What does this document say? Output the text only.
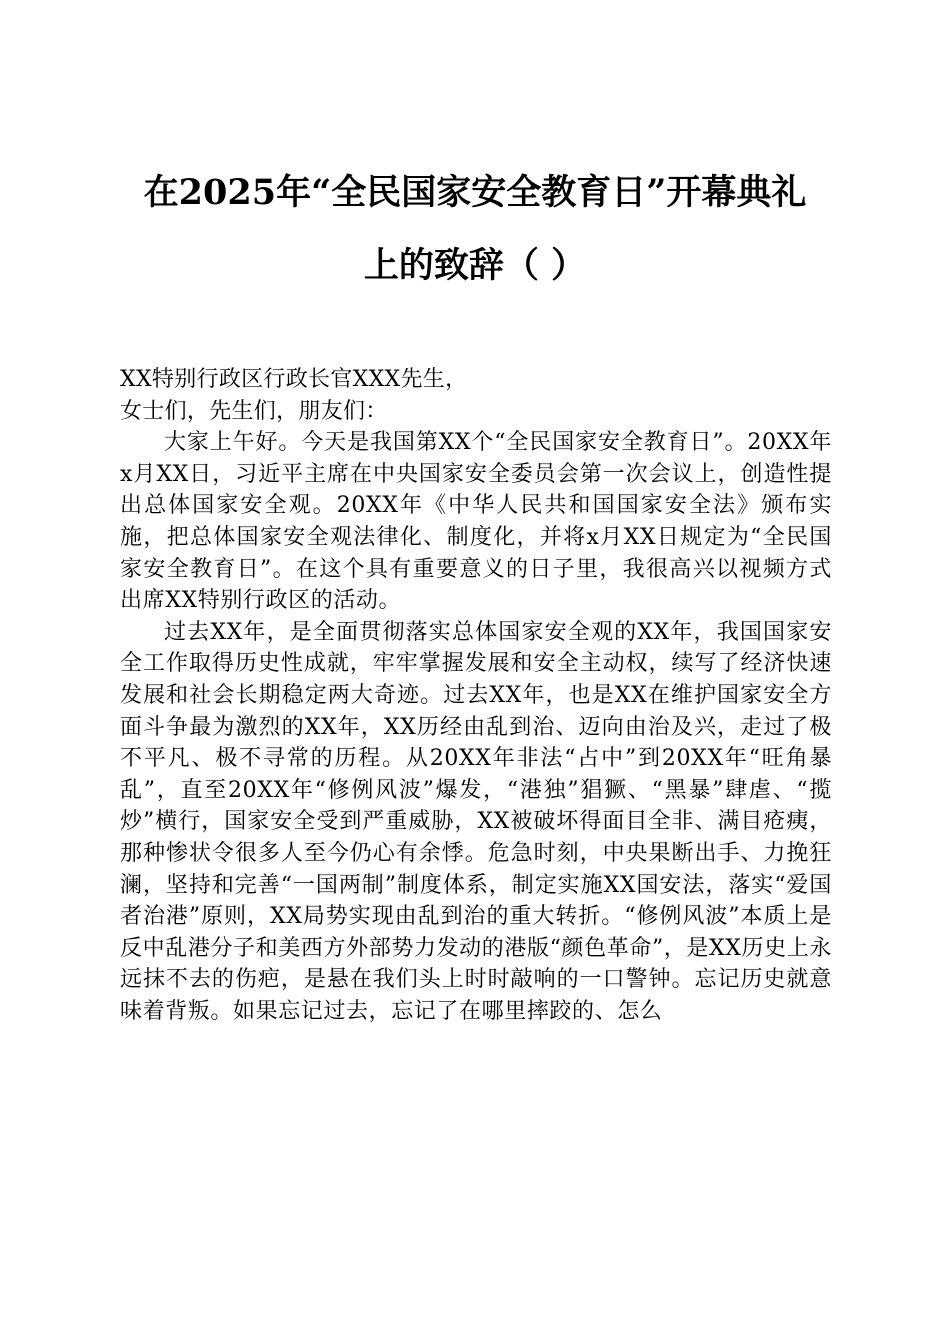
在2025年“全民国家安全教育日”开幕典礼
上的致辞（ ）

XX特别行政区行政长官XXX先生，

女士们，先生们，朋友们：

大家上午好。今天是我国第XX个“全民国家安全教育日”。20XX年x月XX日，习近平主席在中央国家安全委员会第一次会议上，创造性提出总体国家安全观。20XX年《中华人民共和国国家安全法》颁布实施，把总体国家安全观法律化、制度化，并将x月XX日规定为“全民国家安全教育日”。在这个具有重要意义的日子里，我很高兴以视频方式出席XX特别行政区的活动。

过去XX年，是全面贯彻落实总体国家安全观的XX年，我国国家安全工作取得历史性成就，牢牢掌握发展和安全主动权，续写了经济快速发展和社会长期稳定两大奇迹。过去XX年，也是XX在维护国家安全方面斗争最为激烈的XX年，XX历经由乱到治、迈向由治及兴，走过了极不平凡、极不寻常的历程。从20XX年非法“占中”到20XX年“旺角暴乱”，直至20XX年“修例风波”爆发，“港独”猖獗、“黑暴”肆虐、“揽炒”横行，国家安全受到严重威胁，XX被破坏得面目全非、满目疮痍，那种惨状令很多人至今仍心有余悸。危急时刻，中央果断出手、力挽狂澜，坚持和完善“一国两制”制度体系，制定实施XX国安法，落实“爱国者治港”原则，XX局势实现由乱到治的重大转折。“修例风波”本质上是反中乱港分子和美西方外部势力发动的港版“颜色革命”，是XX历史上永远抹不去的伤疤，是悬在我们头上时时敲响的一口警钟。忘记历史就意味着背叛。如果忘记过去，忘记了在哪里摔跤的、怎么
